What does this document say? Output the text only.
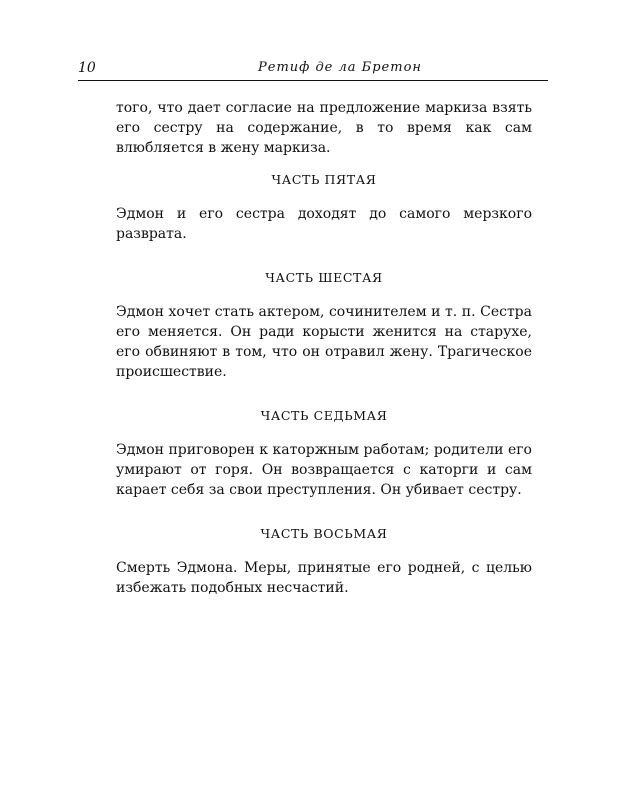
10	Ретиф де ла Бретон

того, что дает согласие на предложение маркиза взять его сестру на содержание, в то время как сам влюбляется в жену маркиза.

ЧАСТЬ ПЯТАЯ

Эдмон и его сестра доходят до самого мерзкого разврата.

ЧАСТЬ ШЕСТАЯ

Эдмон хочет стать актером, сочинителем и т. п. Сестра его меняется. Он ради корысти женится на старухе, его обвиняют в том, что он отравил жену. Трагическое происшествие.

ЧАСТЬ СЕДЬМАЯ

Эдмон приговорен к каторжным работам; родители его умирают от горя. Он возвращается с каторги и сам карает себя за свои преступления. Он убивает сестру.

ЧАСТЬ ВОСЬМАЯ

Смерть Эдмона. Меры, принятые его родней, с целью избежать подобных несчастий.
